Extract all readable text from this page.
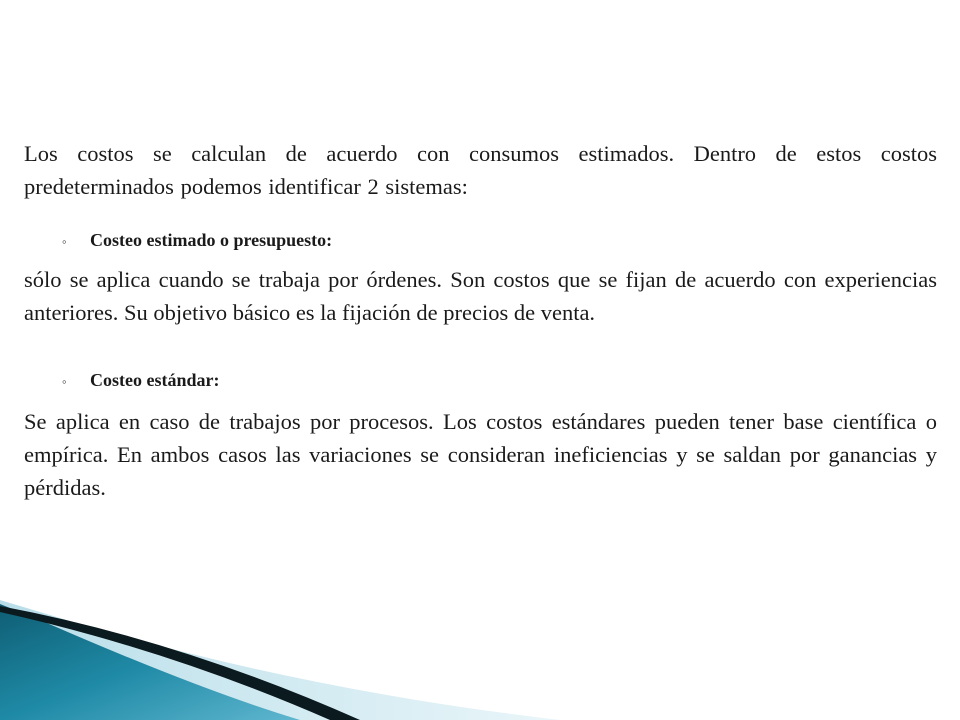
Los costos se calculan de acuerdo con consumos estimados. Dentro de estos costos predeterminados podemos identificar 2 sistemas:

◦	Costeo estimado o presupuesto:

sólo se aplica cuando se trabaja por órdenes. Son costos que se fijan de acuerdo con experiencias anteriores. Su objetivo básico es la fijación de precios de venta.

◦	Costeo estándar:

Se aplica en caso de trabajos por procesos. Los costos estándares pueden tener base científica o empírica. En ambos casos las variaciones se consideran ineficiencias y se saldan por ganancias y pérdidas.
